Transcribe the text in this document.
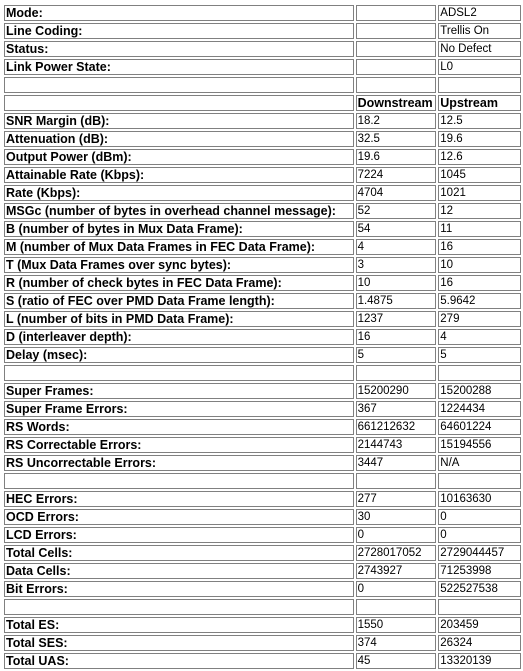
Mode:		ADSL2
Line Coding:		Trellis On
Status:		No Defect
Link Power State:		L0

	Downstream	Upstream
SNR Margin (dB):	18.2	12.5
Attenuation (dB):	32.5	19.6
Output Power (dBm):	19.6	12.6
Attainable Rate (Kbps):	7224	1045
Rate (Kbps):	4704	1021
MSGc (number of bytes in overhead channel message):	52	12
B (number of bytes in Mux Data Frame):	54	11
M (number of Mux Data Frames in FEC Data Frame):	4	16
T (Mux Data Frames over sync bytes):	3	10
R (number of check bytes in FEC Data Frame):	10	16
S (ratio of FEC over PMD Data Frame length):	1.4875	5.9642
L (number of bits in PMD Data Frame):	1237	279
D (interleaver depth):	16	4
Delay (msec):	5	5

Super Frames:	15200290	15200288
Super Frame Errors:	367	1224434
RS Words:	661212632	64601224
RS Correctable Errors:	2144743	15194556
RS Uncorrectable Errors:	3447	N/A

HEC Errors:	277	10163630
OCD Errors:	30	0
LCD Errors:	0	0
Total Cells:	2728017052	2729044457
Data Cells:	2743927	71253998
Bit Errors:	0	522527538

Total ES:	1550	203459
Total SES:	374	26324
Total UAS:	45	13320139
